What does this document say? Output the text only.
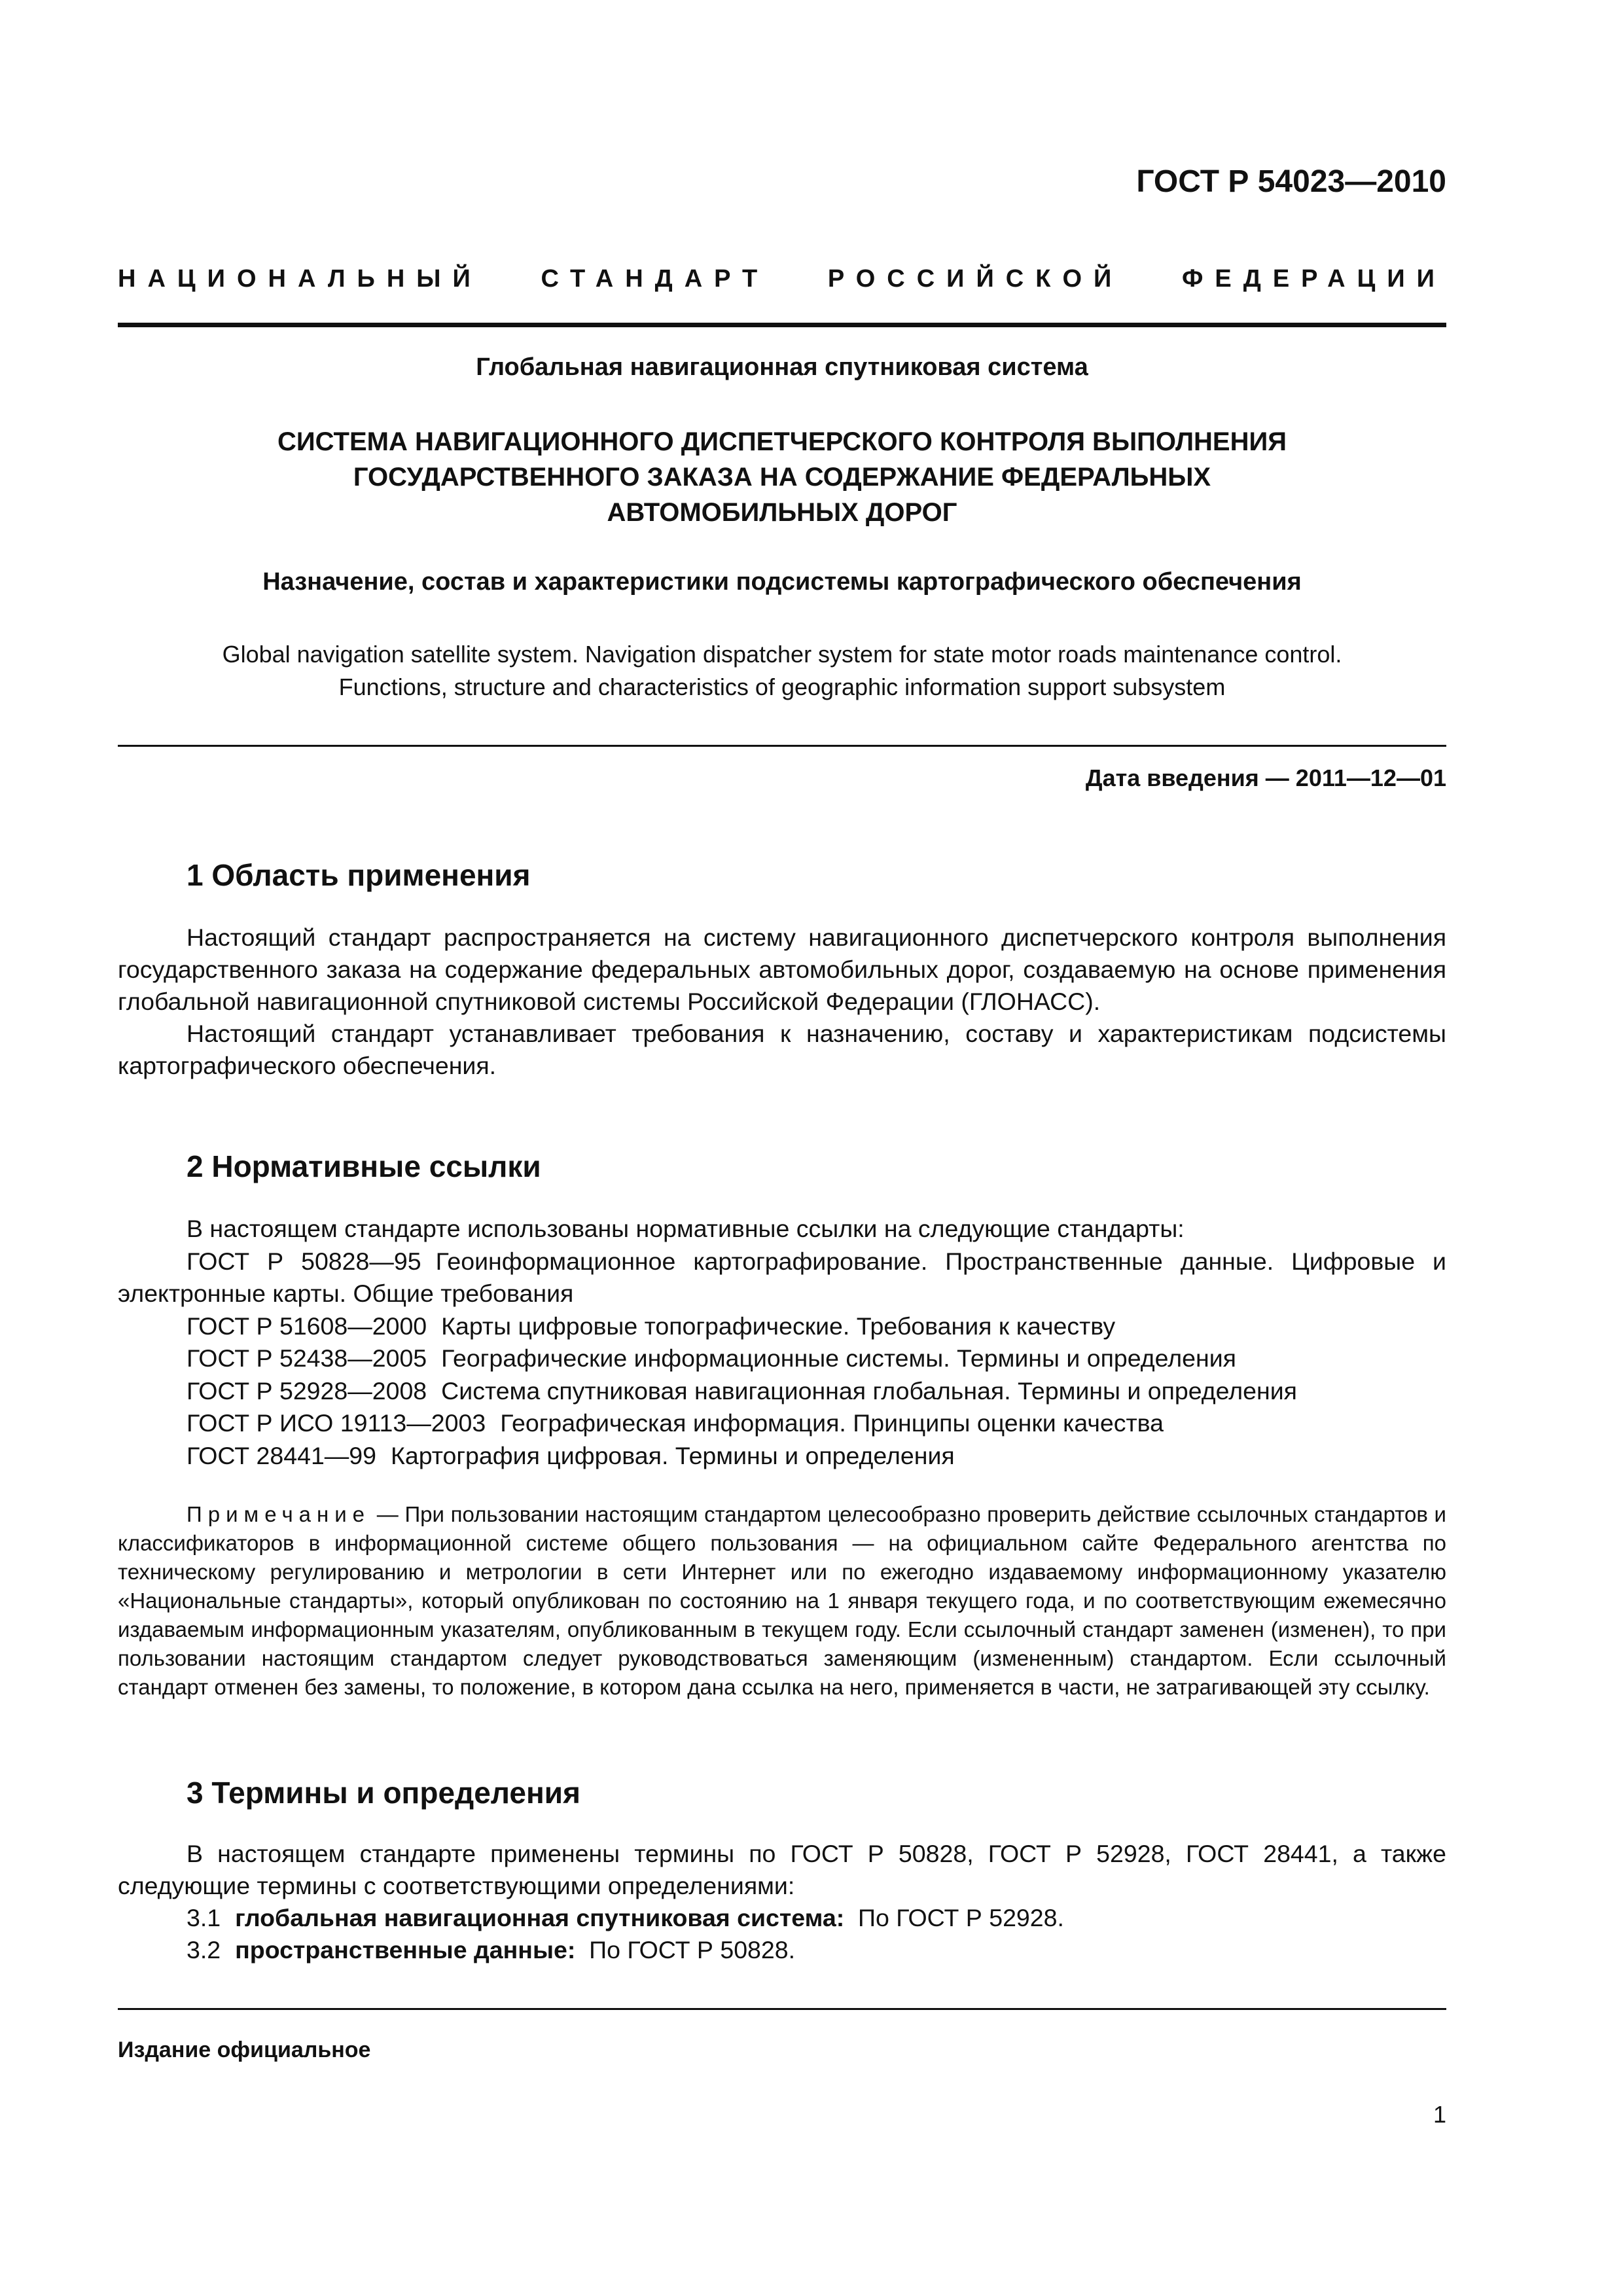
ГОСТ Р 54023—2010
НАЦИОНАЛЬНЫЙ СТАНДАРТ РОССИЙСКОЙ ФЕДЕРАЦИИ
Глобальная навигационная спутниковая система
СИСТЕМА НАВИГАЦИОННОГО ДИСПЕТЧЕРСКОГО КОНТРОЛЯ ВЫПОЛНЕНИЯ
ГОСУДАРСТВЕННОГО ЗАКАЗА НА СОДЕРЖАНИЕ ФЕДЕРАЛЬНЫХ
АВТОМОБИЛЬНЫХ ДОРОГ
Назначение, состав и характеристики подсистемы картографического обеспечения
Global navigation satellite system. Navigation dispatcher system for state motor roads maintenance control.
Functions, structure and characteristics of geographic information support subsystem
Дата введения — 2011—12—01
1 Область применения

Настоящий стандарт распространяется на систему навигационного диспетчерского контроля выполнения государственного заказа на содержание федеральных автомобильных дорог, создаваемую на основе применения глобальной навигационной спутниковой системы Российской Федерации (ГЛОНАСС).

Настоящий стандарт устанавливает требования к назначению, составу и характеристикам подсистемы картографического обеспечения.

2 Нормативные ссылки
В настоящем стандарте использованы нормативные ссылки на следующие стандарты:
ГОСТ Р 50828—95 Геоинформационное картографирование. Пространственные данные. Цифровые и электронные карты. Общие требования
ГОСТ Р 51608—2000 Карты цифровые топографические. Требования к качеству
ГОСТ Р 52438—2005 Географические информационные системы. Термины и определения
ГОСТ Р 52928—2008 Система спутниковая навигационная глобальная. Термины и определения
ГОСТ Р ИСО 19113—2003 Географическая информация. Принципы оценки качества
ГОСТ 28441—99 Картография цифровая. Термины и определения

Примечание — При пользовании настоящим стандартом целесообразно проверить действие ссылочных стандартов и классификаторов в информационной системе общего пользования — на официальном сайте Федерального агентства по техническому регулированию и метрологии в сети Интернет или по ежегодно издаваемому информационному указателю «Национальные стандарты», который опубликован по состоянию на 1 января текущего года, и по соответствующим ежемесячно издаваемым информационным указателям, опубликованным в текущем году. Если ссылочный стандарт заменен (изменен), то при пользовании настоящим стандартом следует руководствоваться заменяющим (измененным) стандартом. Если ссылочный стандарт отменен без замены, то положение, в котором дана ссылка на него, применяется в части, не затрагивающей эту ссылку.

3 Термины и определения
В настоящем стандарте применены термины по ГОСТ Р 50828, ГОСТ Р 52928, ГОСТ 28441, а также следующие термины с соответствующими определениями:
3.1 глобальная навигационная спутниковая система: По ГОСТ Р 52928.
3.2 пространственные данные: По ГОСТ Р 50828.
Издание официальное
1
